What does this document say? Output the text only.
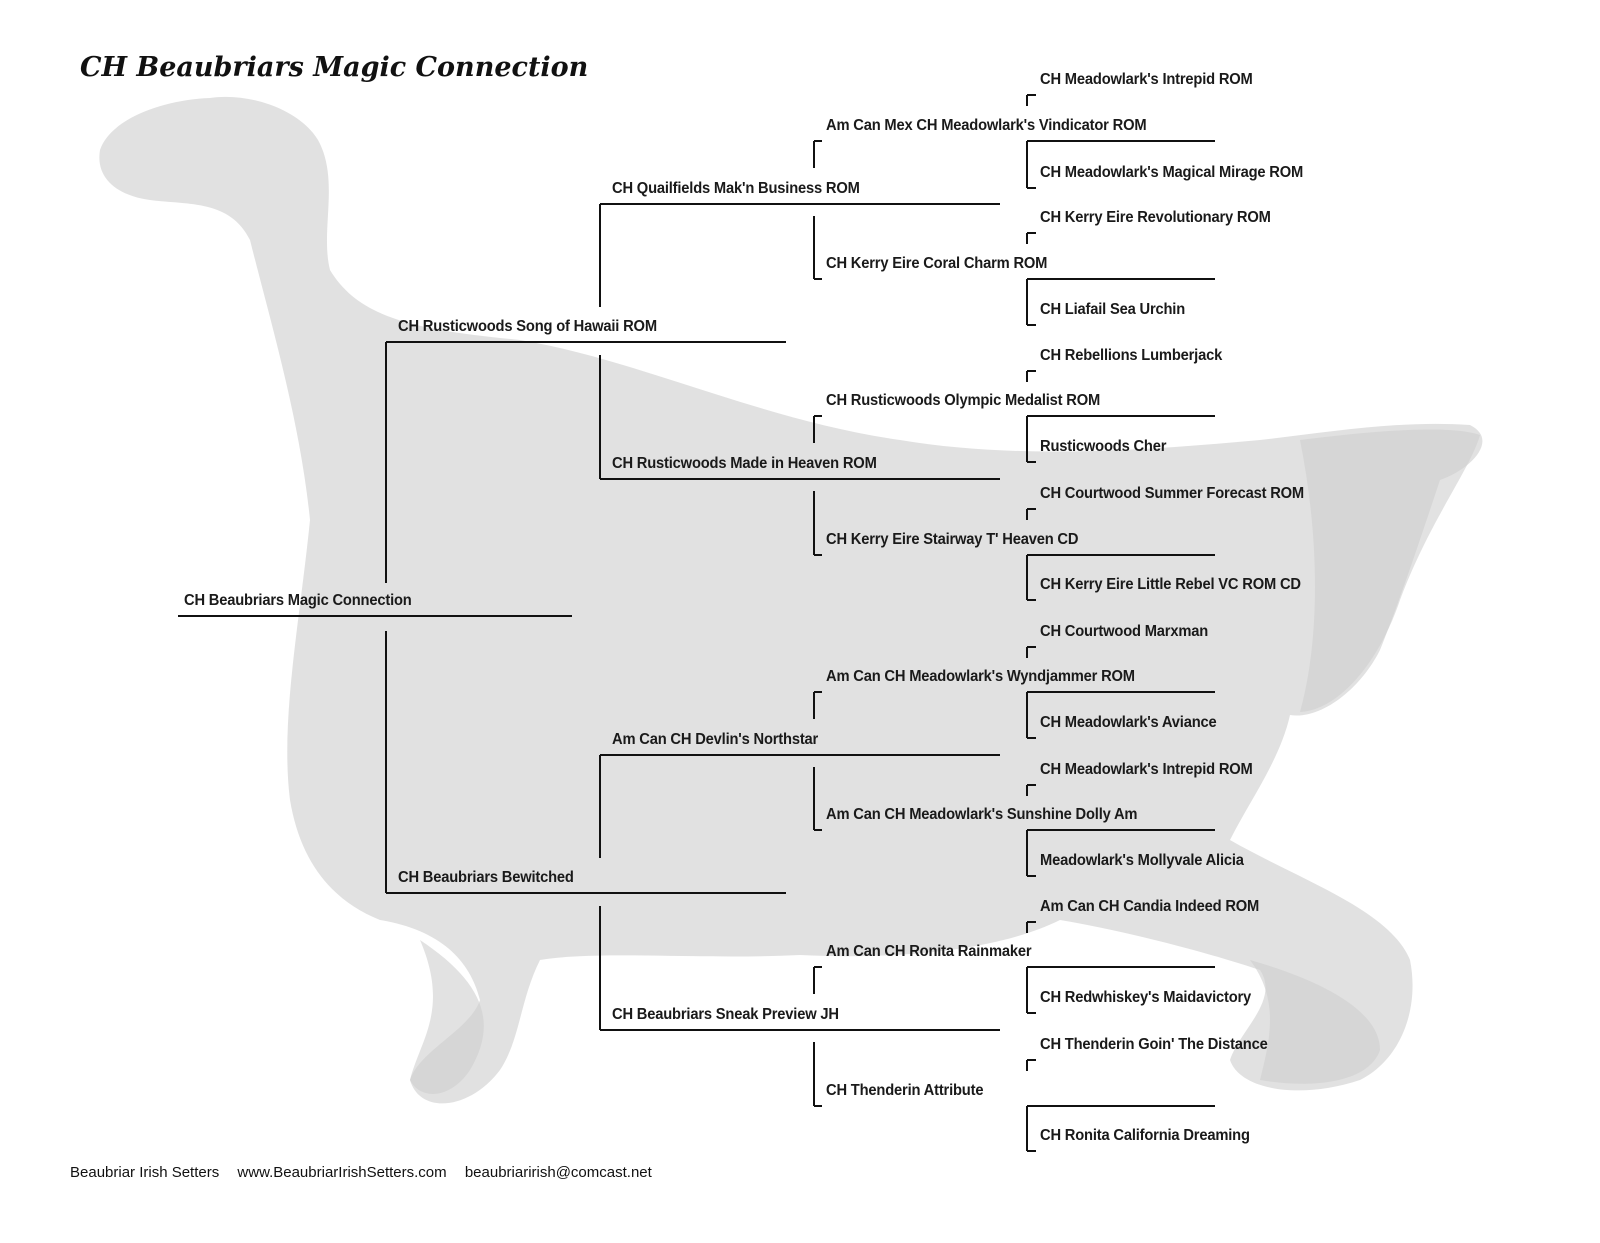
CH Beaubriars Magic Connection
CH Beaubriars Magic Connection
CH Rusticwoods Song of Hawaii ROM
CH Beaubriars Bewitched
CH Quailfields Mak'n Business ROM
CH Rusticwoods Made in Heaven ROM
Am Can CH Devlin's Northstar
CH Beaubriars Sneak Preview JH
Am Can Mex CH Meadowlark's Vindicator ROM
CH Kerry Eire Coral Charm ROM
CH Rusticwoods Olympic Medalist ROM
CH Kerry Eire Stairway T' Heaven CD
Am Can CH Meadowlark's Wyndjammer ROM
Am Can CH Meadowlark's Sunshine Dolly Am
Am Can CH Ronita Rainmaker
CH Thenderin Attribute
CH Meadowlark's Intrepid ROM
CH Meadowlark's Magical Mirage ROM
CH Kerry Eire Revolutionary ROM
CH Liafail Sea Urchin
CH Rebellions Lumberjack
Rusticwoods Cher
CH Courtwood Summer Forecast ROM
CH Kerry Eire Little Rebel VC ROM CD
CH Courtwood Marxman
CH Meadowlark's Aviance
CH Meadowlark's Intrepid ROM
Meadowlark's Mollyvale Alicia
Am Can CH Candia Indeed ROM
CH Redwhiskey's Maidavictory
CH Thenderin Goin' The Distance
CH Ronita California Dreaming
Beaubriar Irish Setters www.BeaubriarIrishSetters.com beaubriarirish@comcast.net
